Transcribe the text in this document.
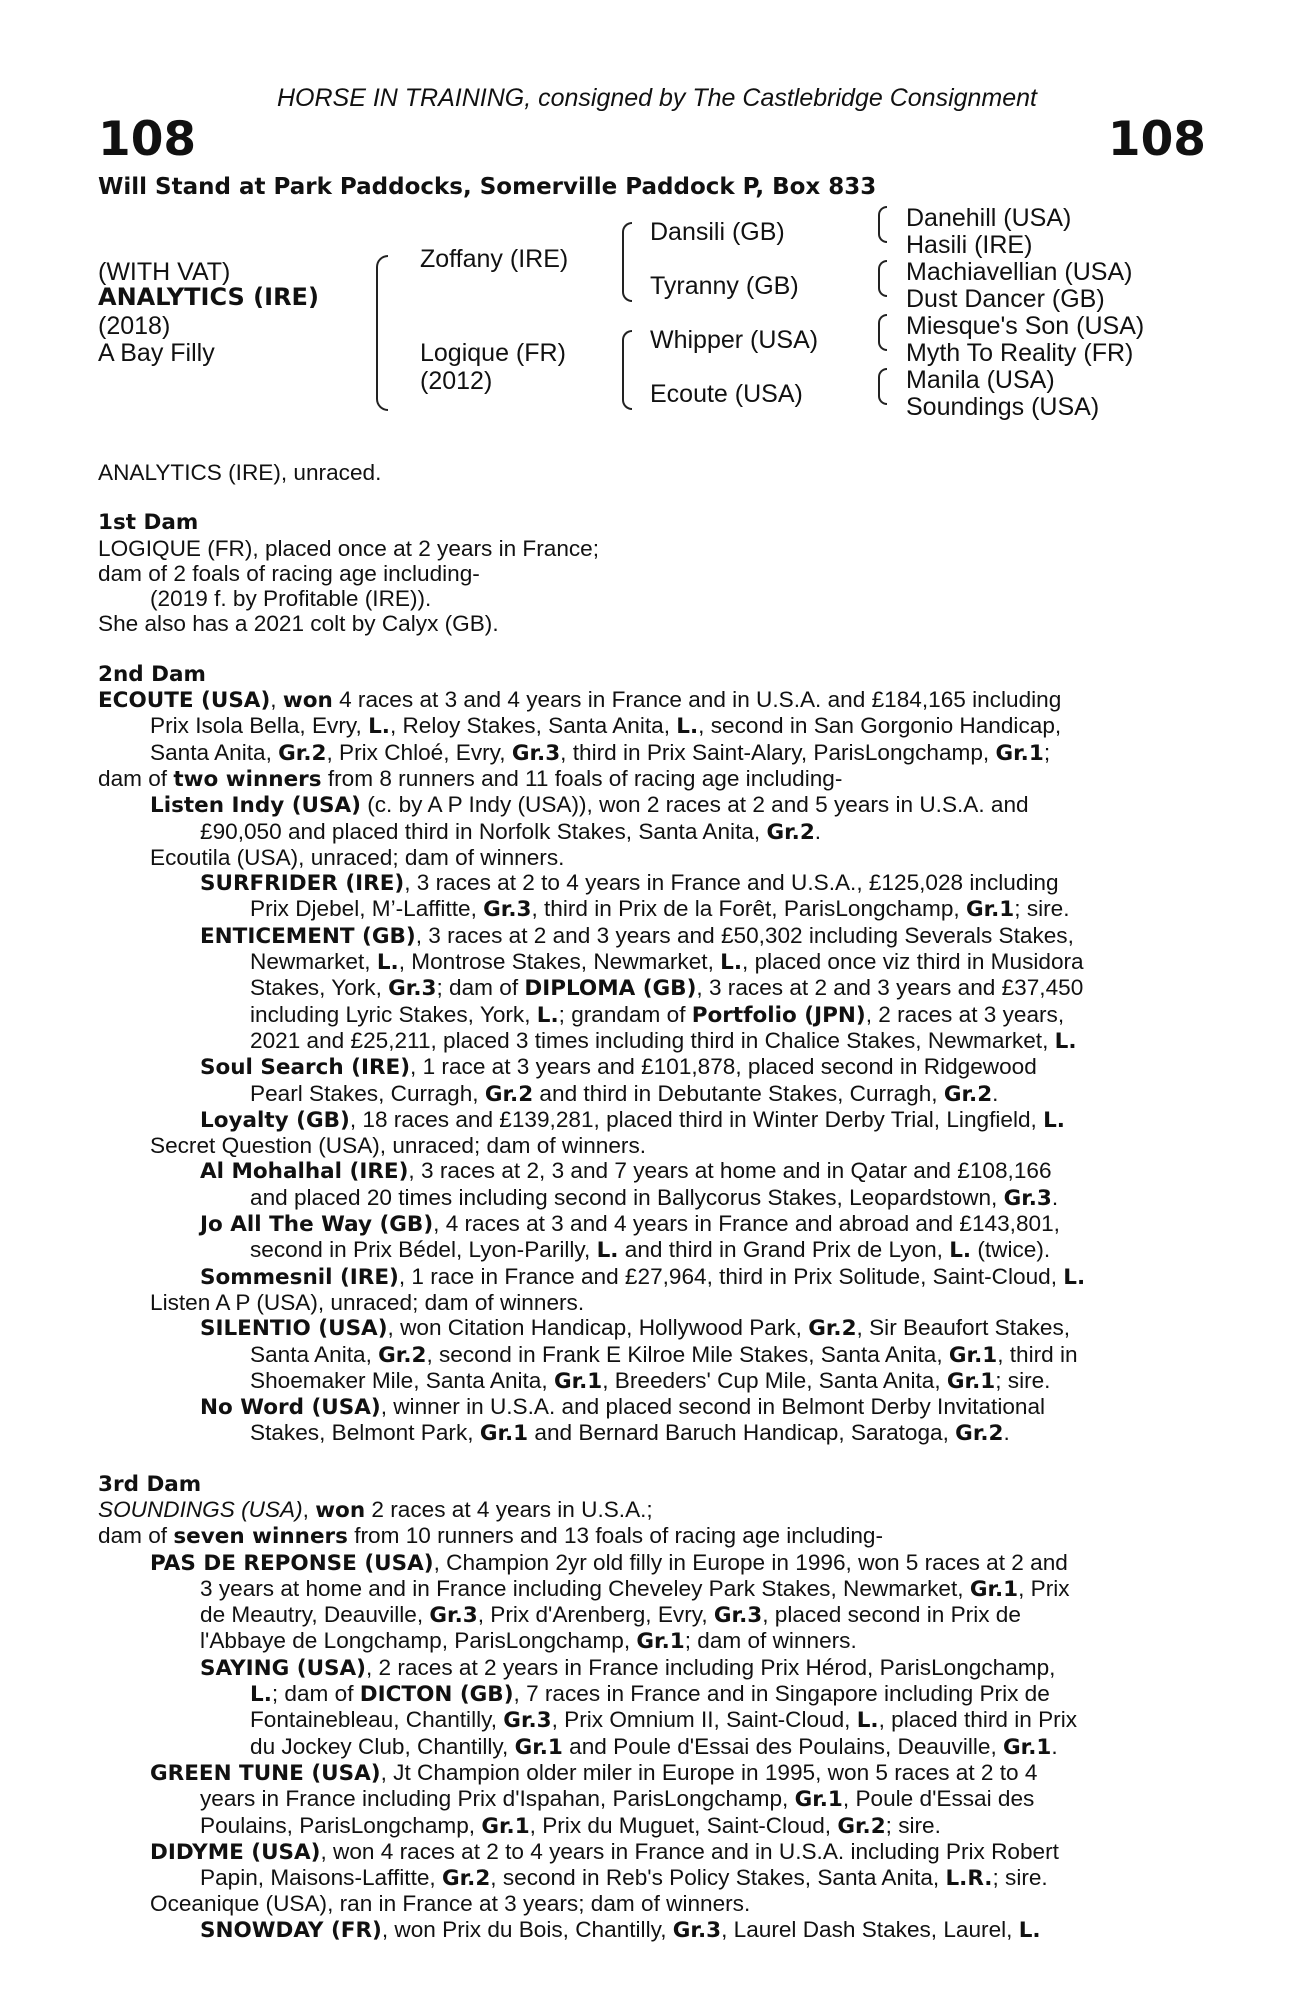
HORSE IN TRAINING, consigned by The Castlebridge Consignment
108	108
Will Stand at Park Paddocks, Somerville Paddock P, Box 833
(WITH VAT)
ANALYTICS (IRE)
(2018)
A Bay Filly
Zoffany (IRE)
Logique (FR)
(2012)
Dansili (GB)
Tyranny (GB)
Whipper (USA)
Ecoute (USA)
Danehill (USA)
Hasili (IRE)
Machiavellian (USA)
Dust Dancer (GB)
Miesque's Son (USA)
Myth To Reality (FR)
Manila (USA)
Soundings (USA)
ANALYTICS (IRE), unraced.
1st Dam
LOGIQUE (FR), placed once at 2 years in France;
dam of 2 foals of racing age including-
(2019 f. by Profitable (IRE)).
She also has a 2021 colt by Calyx (GB).
2nd Dam
ECOUTE (USA), won 4 races at 3 and 4 years in France and in U.S.A. and £184,165 including
Prix Isola Bella, Evry, L., Reloy Stakes, Santa Anita, L., second in San Gorgonio Handicap,
Santa Anita, Gr.2, Prix Chloé, Evry, Gr.3, third in Prix Saint-Alary, ParisLongchamp, Gr.1;
dam of two winners from 8 runners and 11 foals of racing age including-
Listen Indy (USA) (c. by A P Indy (USA)), won 2 races at 2 and 5 years in U.S.A. and
£90,050 and placed third in Norfolk Stakes, Santa Anita, Gr.2.
Ecoutila (USA), unraced; dam of winners.
SURFRIDER (IRE), 3 races at 2 to 4 years in France and U.S.A., £125,028 including
Prix Djebel, M’-Laffitte, Gr.3, third in Prix de la Forêt, ParisLongchamp, Gr.1; sire.
ENTICEMENT (GB), 3 races at 2 and 3 years and £50,302 including Severals Stakes,
Newmarket, L., Montrose Stakes, Newmarket, L., placed once viz third in Musidora
Stakes, York, Gr.3; dam of DIPLOMA (GB), 3 races at 2 and 3 years and £37,450
including Lyric Stakes, York, L.; grandam of Portfolio (JPN), 2 races at 3 years,
2021 and £25,211, placed 3 times including third in Chalice Stakes, Newmarket, L.
Soul Search (IRE), 1 race at 3 years and £101,878, placed second in Ridgewood
Pearl Stakes, Curragh, Gr.2 and third in Debutante Stakes, Curragh, Gr.2.
Loyalty (GB), 18 races and £139,281, placed third in Winter Derby Trial, Lingfield, L.
Secret Question (USA), unraced; dam of winners.
Al Mohalhal (IRE), 3 races at 2, 3 and 7 years at home and in Qatar and £108,166
and placed 20 times including second in Ballycorus Stakes, Leopardstown, Gr.3.
Jo All The Way (GB), 4 races at 3 and 4 years in France and abroad and £143,801,
second in Prix Bédel, Lyon-Parilly, L. and third in Grand Prix de Lyon, L. (twice).
Sommesnil (IRE), 1 race in France and £27,964, third in Prix Solitude, Saint-Cloud, L.
Listen A P (USA), unraced; dam of winners.
SILENTIO (USA), won Citation Handicap, Hollywood Park, Gr.2, Sir Beaufort Stakes,
Santa Anita, Gr.2, second in Frank E Kilroe Mile Stakes, Santa Anita, Gr.1, third in
Shoemaker Mile, Santa Anita, Gr.1, Breeders' Cup Mile, Santa Anita, Gr.1; sire.
No Word (USA), winner in U.S.A. and placed second in Belmont Derby Invitational
Stakes, Belmont Park, Gr.1 and Bernard Baruch Handicap, Saratoga, Gr.2.
3rd Dam
SOUNDINGS (USA), won 2 races at 4 years in U.S.A.;
dam of seven winners from 10 runners and 13 foals of racing age including-
PAS DE REPONSE (USA), Champion 2yr old filly in Europe in 1996, won 5 races at 2 and
3 years at home and in France including Cheveley Park Stakes, Newmarket, Gr.1, Prix
de Meautry, Deauville, Gr.3, Prix d'Arenberg, Evry, Gr.3, placed second in Prix de
l'Abbaye de Longchamp, ParisLongchamp, Gr.1; dam of winners.
SAYING (USA), 2 races at 2 years in France including Prix Hérod, ParisLongchamp,
L.; dam of DICTON (GB), 7 races in France and in Singapore including Prix de
Fontainebleau, Chantilly, Gr.3, Prix Omnium II, Saint-Cloud, L., placed third in Prix
du Jockey Club, Chantilly, Gr.1 and Poule d'Essai des Poulains, Deauville, Gr.1.
GREEN TUNE (USA), Jt Champion older miler in Europe in 1995, won 5 races at 2 to 4
years in France including Prix d'Ispahan, ParisLongchamp, Gr.1, Poule d'Essai des
Poulains, ParisLongchamp, Gr.1, Prix du Muguet, Saint-Cloud, Gr.2; sire.
DIDYME (USA), won 4 races at 2 to 4 years in France and in U.S.A. including Prix Robert
Papin, Maisons-Laffitte, Gr.2, second in Reb's Policy Stakes, Santa Anita, L.R.; sire.
Oceanique (USA), ran in France at 3 years; dam of winners.
SNOWDAY (FR), won Prix du Bois, Chantilly, Gr.3, Laurel Dash Stakes, Laurel, L.
